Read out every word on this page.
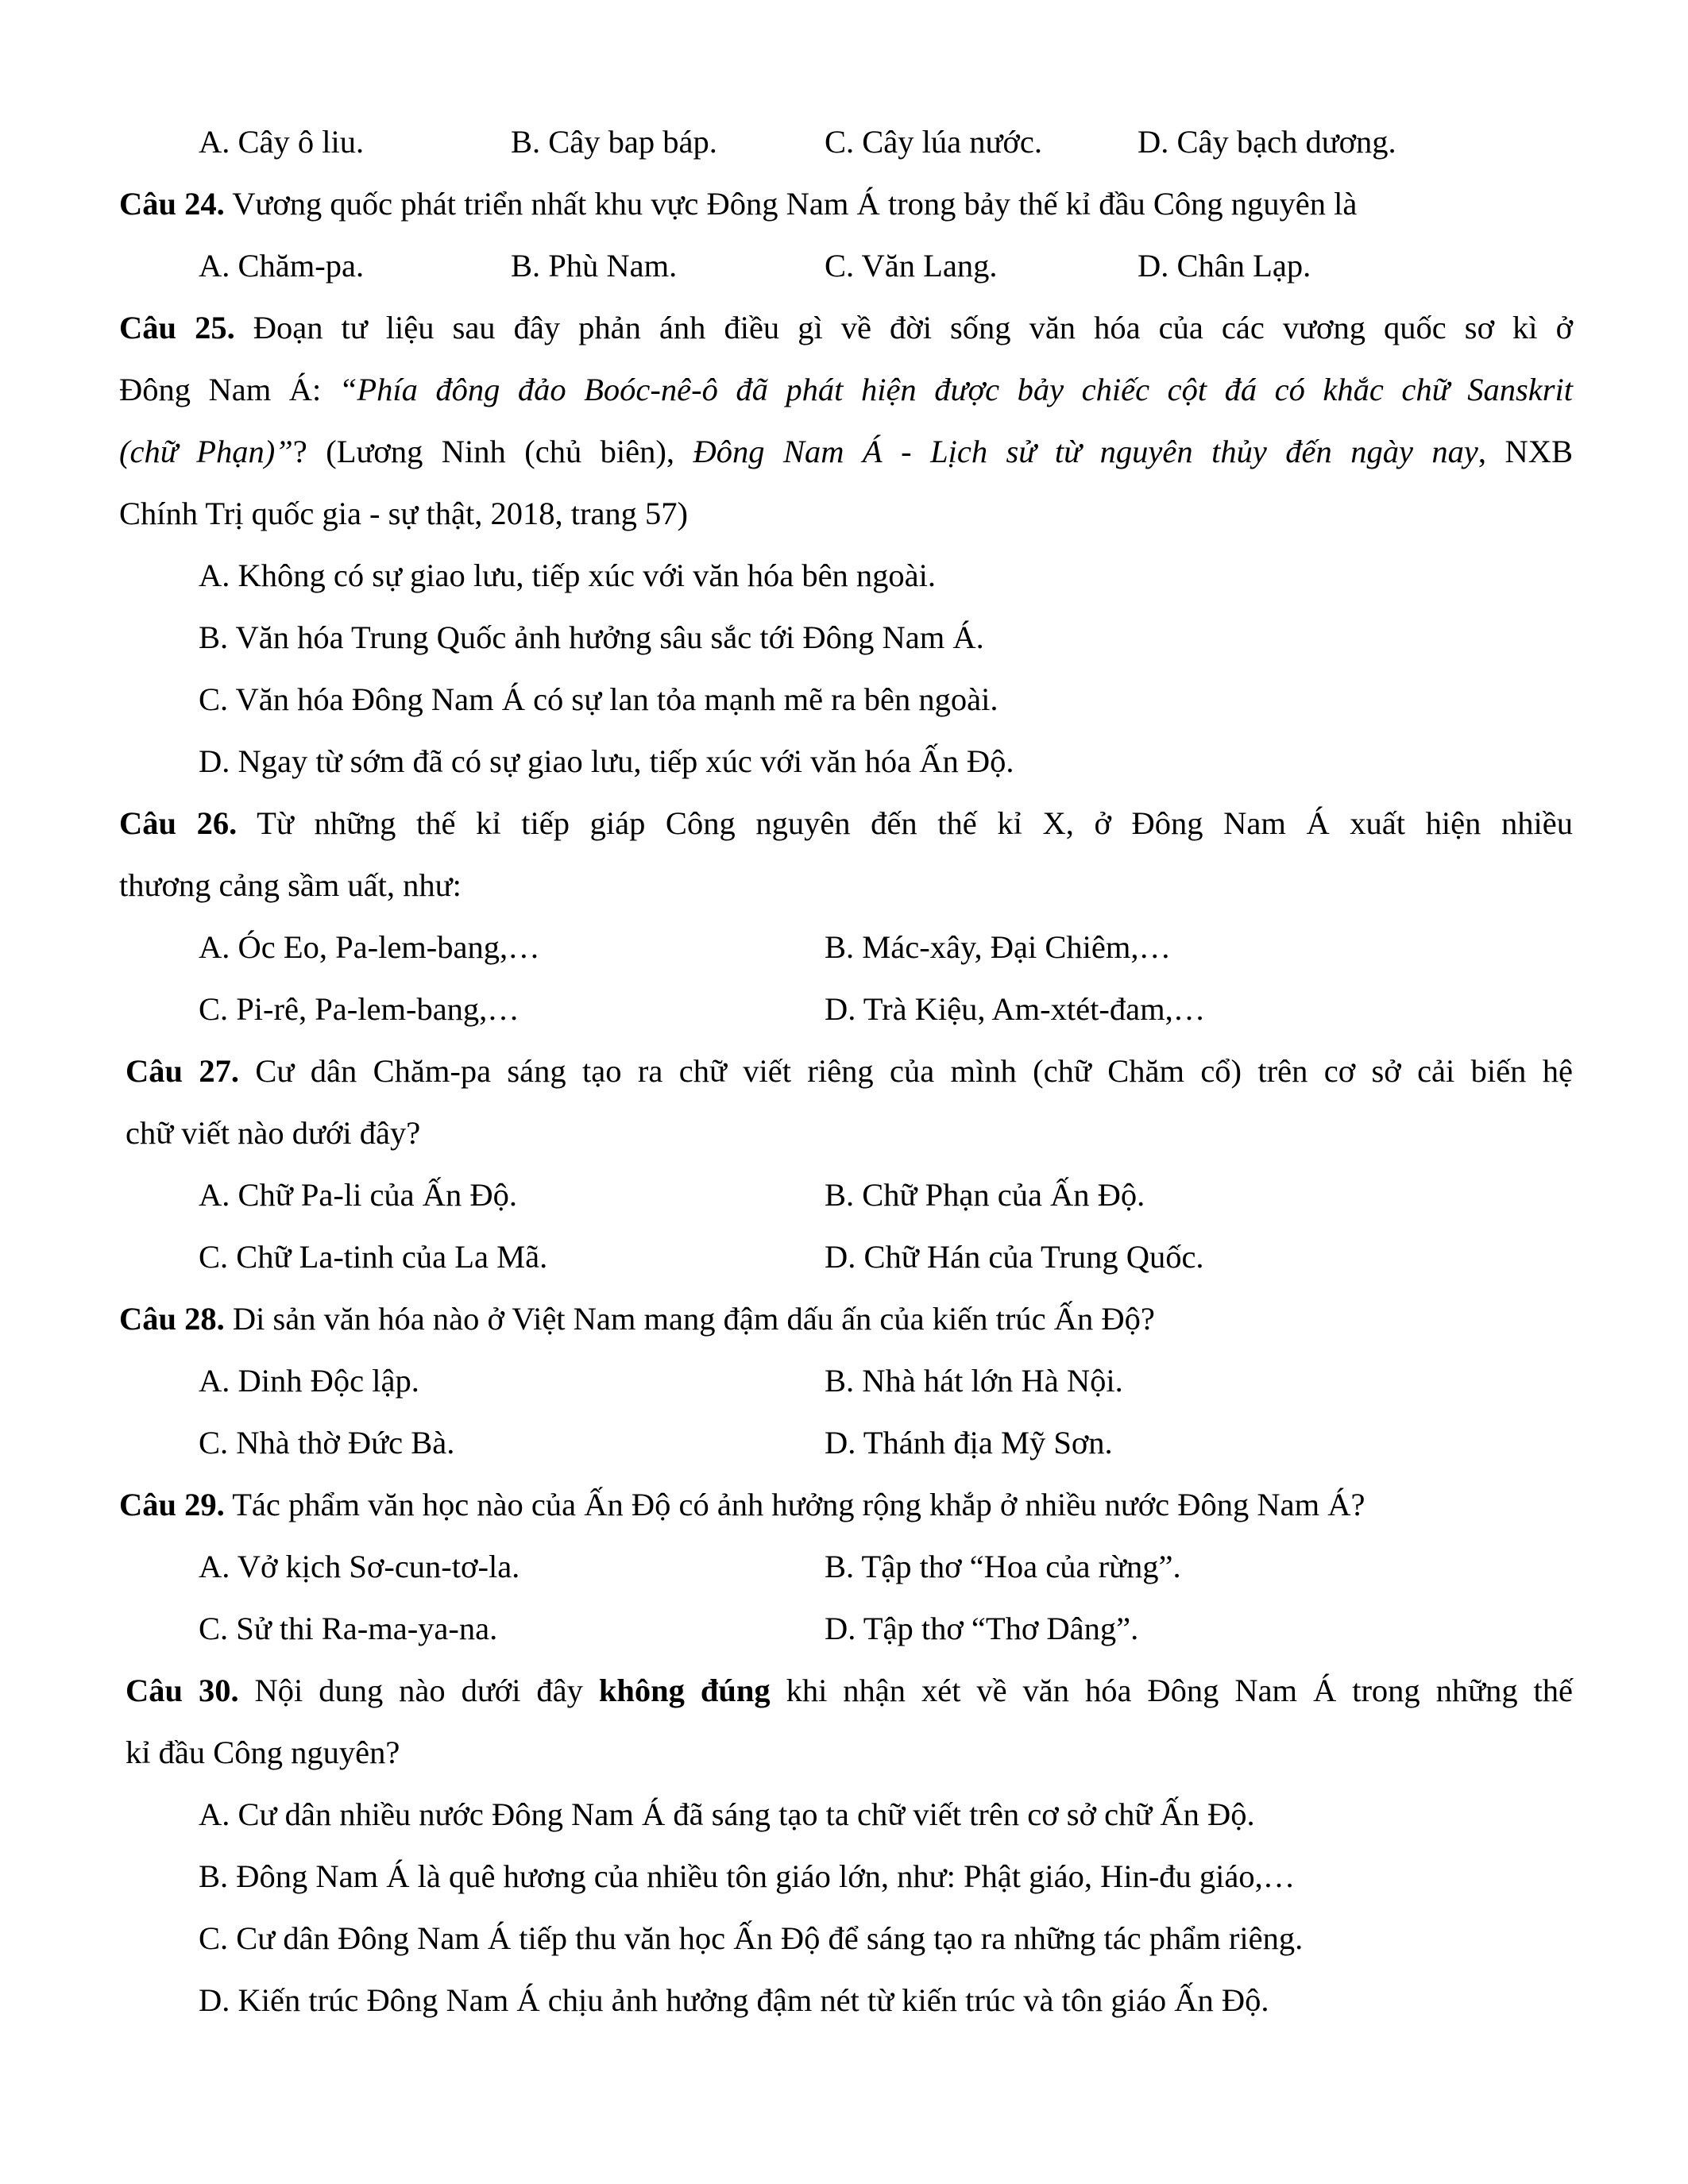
A. Cây ô liu.	B. Cây bap báp.	C. Cây lúa nước.	D. Cây bạch dương.
Câu 24. Vương quốc phát triển nhất khu vực Đông Nam Á trong bảy thế kỉ đầu Công nguyên là
A. Chăm-pa.	B. Phù Nam.	C. Văn Lang.	D. Chân Lạp.
Câu 25. Đoạn tư liệu sau đây phản ánh điều gì về đời sống văn hóa của các vương quốc sơ kì ở
Đông Nam Á: “Phía đông đảo Boóc-nê-ô đã phát hiện được bảy chiếc cột đá có khắc chữ Sanskrit
(chữ Phạn)”? (Lương Ninh (chủ biên), Đông Nam Á - Lịch sử từ nguyên thủy đến ngày nay, NXB
Chính Trị quốc gia - sự thật, 2018, trang 57)
A. Không có sự giao lưu, tiếp xúc với văn hóa bên ngoài.
B. Văn hóa Trung Quốc ảnh hưởng sâu sắc tới Đông Nam Á.
C. Văn hóa Đông Nam Á có sự lan tỏa mạnh mẽ ra bên ngoài.
D. Ngay từ sớm đã có sự giao lưu, tiếp xúc với văn hóa Ấn Độ.
Câu 26. Từ những thế kỉ tiếp giáp Công nguyên đến thế kỉ X, ở Đông Nam Á xuất hiện nhiều
thương cảng sầm uất, như:
A. Óc Eo, Pa-lem-bang,…	B. Mác-xây, Đại Chiêm,…
C. Pi-rê, Pa-lem-bang,…	D. Trà Kiệu, Am-xtét-đam,…
Câu 27. Cư dân Chăm-pa sáng tạo ra chữ viết riêng của mình (chữ Chăm cổ) trên cơ sở cải biến hệ
chữ viết nào dưới đây?
A. Chữ Pa-li của Ấn Độ.	B. Chữ Phạn của Ấn Độ.
C. Chữ La-tinh của La Mã.	D. Chữ Hán của Trung Quốc.
Câu 28. Di sản văn hóa nào ở Việt Nam mang đậm dấu ấn của kiến trúc Ấn Độ?
A. Dinh Độc lập.	B. Nhà hát lớn Hà Nội.
C. Nhà thờ Đức Bà.	D. Thánh địa Mỹ Sơn.
Câu 29. Tác phẩm văn học nào của Ấn Độ có ảnh hưởng rộng khắp ở nhiều nước Đông Nam Á?
A. Vở kịch Sơ-cun-tơ-la.	B. Tập thơ “Hoa của rừng”.
C. Sử thi Ra-ma-ya-na.	D. Tập thơ “Thơ Dâng”.
Câu 30. Nội dung nào dưới đây không đúng khi nhận xét về văn hóa Đông Nam Á trong những thế
kỉ đầu Công nguyên?
A. Cư dân nhiều nước Đông Nam Á đã sáng tạo ta chữ viết trên cơ sở chữ Ấn Độ.
B. Đông Nam Á là quê hương của nhiều tôn giáo lớn, như: Phật giáo, Hin-đu giáo,…
C. Cư dân Đông Nam Á tiếp thu văn học Ấn Độ để sáng tạo ra những tác phẩm riêng.
D. Kiến trúc Đông Nam Á chịu ảnh hưởng đậm nét từ kiến trúc và tôn giáo Ấn Độ.
